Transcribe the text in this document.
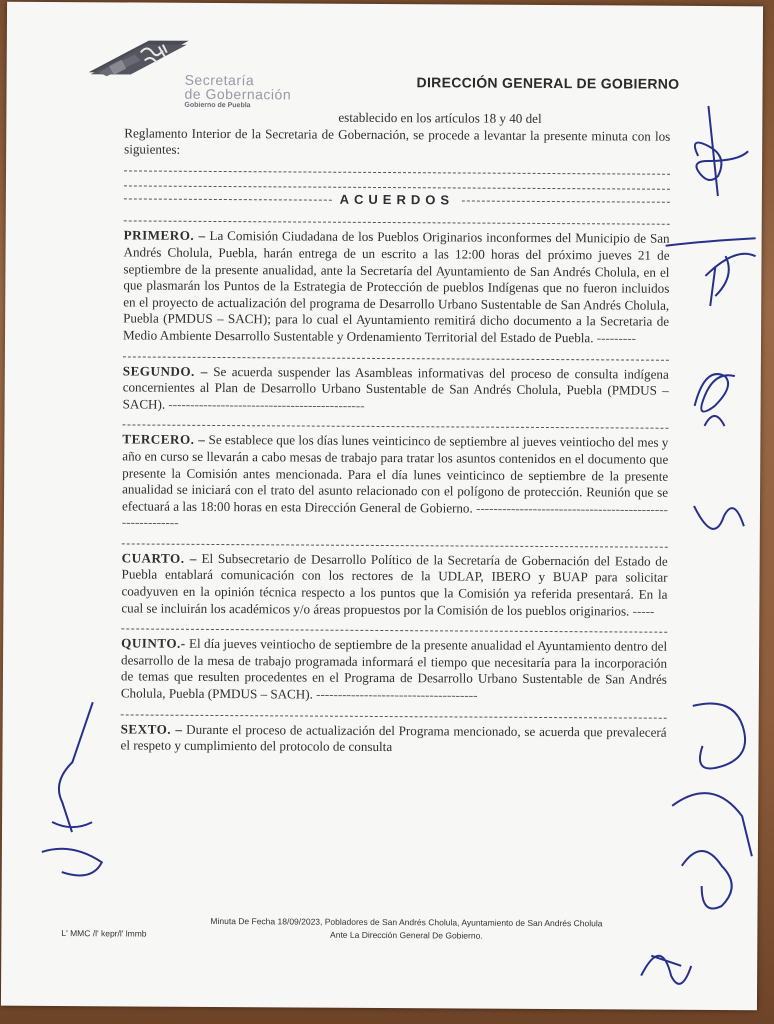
Secretaría
de Gobernación
Gobierno de Puebla
DIRECCIÓN GENERAL DE GOBIERNO

establecido en los artículos 18 y 40 del

Reglamento Interior de la Secretaria de Gobernación, se procede a levantar la presente minuta con los siguientes:

ACUERDOS

PRIMERO. – La Comisión Ciudadana de los Pueblos Originarios inconformes del Municipio de San Andrés Cholula, Puebla, harán entrega de un escrito a las 12:00 horas del próximo jueves 21 de septiembre de la presente anualidad, ante la Secretaría del Ayuntamiento de San Andrés Cholula, en el que plasmarán los Puntos de la Estrategia de Protección de pueblos Indígenas que no fueron incluidos en el proyecto de actualización del programa de Desarrollo Urbano Sustentable de San Andrés Cholula, Puebla (PMDUS – SACH); para lo cual el Ayuntamiento remitirá dicho documento a la Secretaria de Medio Ambiente Desarrollo Sustentable y Ordenamiento Territorial del Estado de Puebla. ---------

SEGUNDO. – Se acuerda suspender las Asambleas informativas del proceso de consulta indígena concernientes al Plan de Desarrollo Urbano Sustentable de San Andrés Cholula, Puebla (PMDUS – SACH). ---------------------------------------------

TERCERO. – Se establece que los días lunes veinticinco de septiembre al jueves veintiocho del mes y año en curso se llevarán a cabo mesas de trabajo para tratar los asuntos contenidos en el documento que presente la Comisión antes mencionada. Para el día lunes veinticinco de septiembre de la presente anualidad se iniciará con el trato del asunto relacionado con el polígono de protección. Reunión que se efectuará a las 18:00 horas en esta Dirección General de Gobierno. ---------------------------------------------------------

CUARTO. – El Subsecretario de Desarrollo Político de la Secretaría de Gobernación del Estado de Puebla entablará comunicación con los rectores de la UDLAP, IBERO y BUAP para solicitar coadyuven en la opinión técnica respecto a los puntos que la Comisión ya referida presentará. En la cual se incluirán los académicos y/o áreas propuestos por la Comisión de los pueblos originarios. -----

QUINTO.- El día jueves veintiocho de septiembre de la presente anualidad el Ayuntamiento dentro del desarrollo de la mesa de trabajo programada informará el tiempo que necesitaría para la incorporación de temas que resulten procedentes en el Programa de Desarrollo Urbano Sustentable de San Andrés Cholula, Puebla (PMDUS – SACH). -------------------------------------

SEXTO. – Durante el proceso de actualización del Programa mencionado, se acuerda que prevalecerá el respeto y cumplimiento del protocolo de consulta

Minuta De Fecha 18/09/2023, Pobladores de San Andrés Cholula, Ayuntamiento de San Andrés Cholula
Ante La Dirección General De Gobierno.
L' MMC /l' kepr/l' lmmb
